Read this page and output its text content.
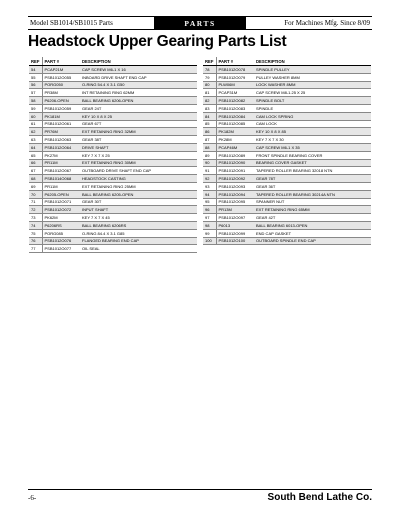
Model SB1014/SB1015 Parts	PARTS	For Machines Mfg. Since 8/09
Headstock Upper Gearing Parts List
REF	PART #	DESCRIPTION
54	PCAP21M	CAP SCREW M6-1 X 16
55	PSB1012O055	INBOARD DRIVE SHAFT END CAP
56	PORG050	O-RING 54.4 X 3.1 G50
57	PR38M	INT RETAINING RING 62MM
58	P6206-OPEN	BALL BEARING 6206-OPEN
59	PSB1012O059	GEAR 24T
60	PK181M	KEY 10 X 8 X 25
61	PSB1012O061	GEAR 67T
62	PR76M	EXT RETAINING RING 32MM
63	PSB1012O063	GEAR 38T
64	PSB1012O064	DRIVE SHAFT
65	PK27M	KEY 7 X 7 X 25
66	PR11M	EXT RETAINING RING 30MM
67	PSB1012O067	OUTBOARD DRIVE SHAFT END CAP
68	PSB1014O068	HEADSTOCK CASTING
69	PR11M	EXT RETAINING RING 25MM
70	P6205-OPEN	BALL BEARING 6205-OPEN
71	PSB1012O071	GEAR 30T
72	PSB1012O072	INPUT SHAFT
73	PK62M	KEY 7 X 7 X 45
74	P6206RS	BALL BEARING 6206RS
75	PORG085	O-RING 84.4 X 3.1 G85
76	PSB1012O076	FLANGED BEARING END CAP
77	PSB1012O077	OIL SEAL
REF	PART #	DESCRIPTION
78	PSB1012O078	SPINDLE PULLEY
79	PSB1012O079	PULLEY WASHER 8MM
80	PLW06M	LOCK WASHER 8MM
81	PCAP31M	CAP SCREW M8-1.25 X 25
82	PSB1012O082	SPINDLE BOLT
83	PSB1012O083	SPINDLE
84	PSB1012O084	CAM LOCK SPRING
85	PSB1012O085	CAM LOCK
86	PK182M	KEY 10 X 8 X 85
87	PK28M	KEY 7 X 7 X 30
88	PCAP46M	CAP SCREW M6-1 X 35
89	PSB1012O089	FRONT SPINDLE BEARING COVER
90	PSB1012O090	BEARING COVER GASKET
91	PSB1012O091	TAPERED ROLLER BEARING 32018 NTN
92	PSB1012O092	GEAR 78T
93	PSB1012O093	GEAR 36T
94	PSB1012O094	TAPERED ROLLER BEARING 30214A NTN
95	PSB1012O095	SPANNER NUT
96	PR13M	EXT RETAINING RING 65MM
97	PSB1012O097	GEAR 42T
98	P6013	BALL BEARING 6013-OPEN
99	PSB1012O099	END CAP GASKET
100	PSB1012O100	OUTBOARD SPINDLE END CAP
-6-	South Bend Lathe Co.
